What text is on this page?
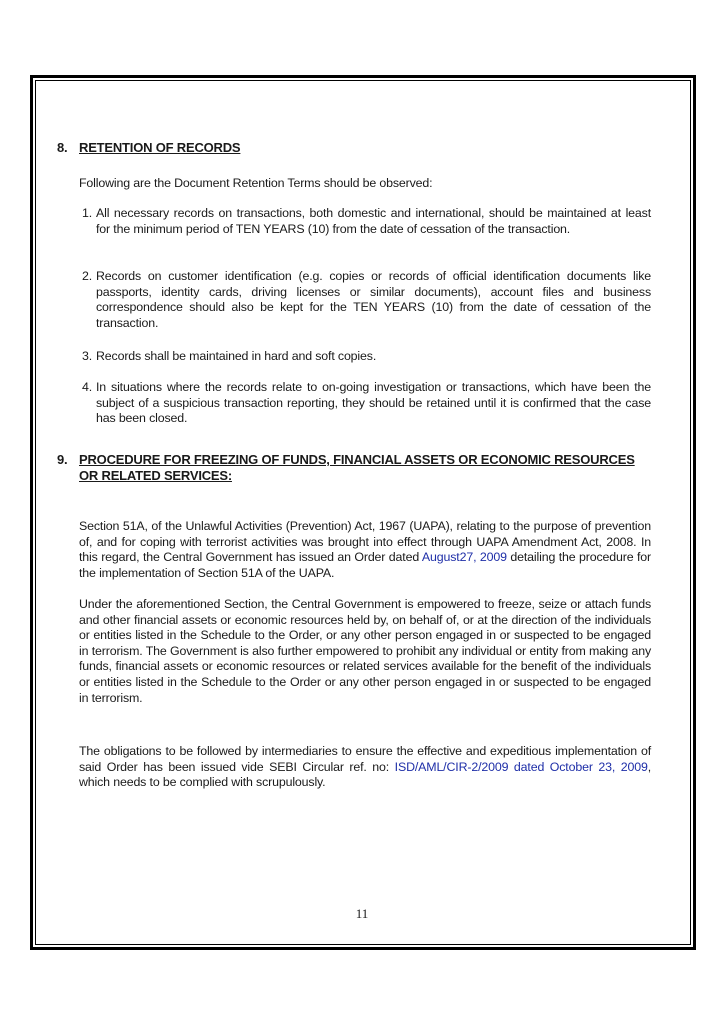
8. RETENTION OF RECORDS
Following are the Document Retention Terms should be observed:
1. All necessary records on transactions, both domestic and international, should be maintained at least for the minimum period of TEN YEARS (10) from the date of cessation of the transaction.
2. Records on customer identification (e.g. copies or records of official identification documents like passports, identity cards, driving licenses or similar documents), account files and business correspondence should also be kept for the TEN YEARS (10) from the date of cessation of the transaction.
3. Records shall be maintained in hard and soft copies.
4. In situations where the records relate to on-going investigation or transactions, which have been the subject of a suspicious transaction reporting, they should be retained until it is confirmed that the case has been closed.
9. PROCEDURE FOR FREEZING OF FUNDS, FINANCIAL ASSETS OR ECONOMIC RESOURCES
OR RELATED SERVICES:
Section 51A, of the Unlawful Activities (Prevention) Act, 1967 (UAPA), relating to the purpose of prevention of, and for coping with terrorist activities was brought into effect through UAPA Amendment Act, 2008. In this regard, the Central Government has issued an Order dated August27, 2009 detailing the procedure for the implementation of Section 51A of the UAPA.
Under the aforementioned Section, the Central Government is empowered to freeze, seize or attach funds and other financial assets or economic resources held by, on behalf of, or at the direction of the individuals or entities listed in the Schedule to the Order, or any other person engaged in or suspected to be engaged in terrorism. The Government is also further empowered to prohibit any individual or entity from making any funds, financial assets or economic resources or related services available for the benefit of the individuals or entities listed in the Schedule to the Order or any other person engaged in or suspected to be engaged in terrorism.
The obligations to be followed by intermediaries to ensure the effective and expeditious implementation of said Order has been issued vide SEBI Circular ref. no: ISD/AML/CIR-2/2009 dated October 23, 2009, which needs to be complied with scrupulously.
11
